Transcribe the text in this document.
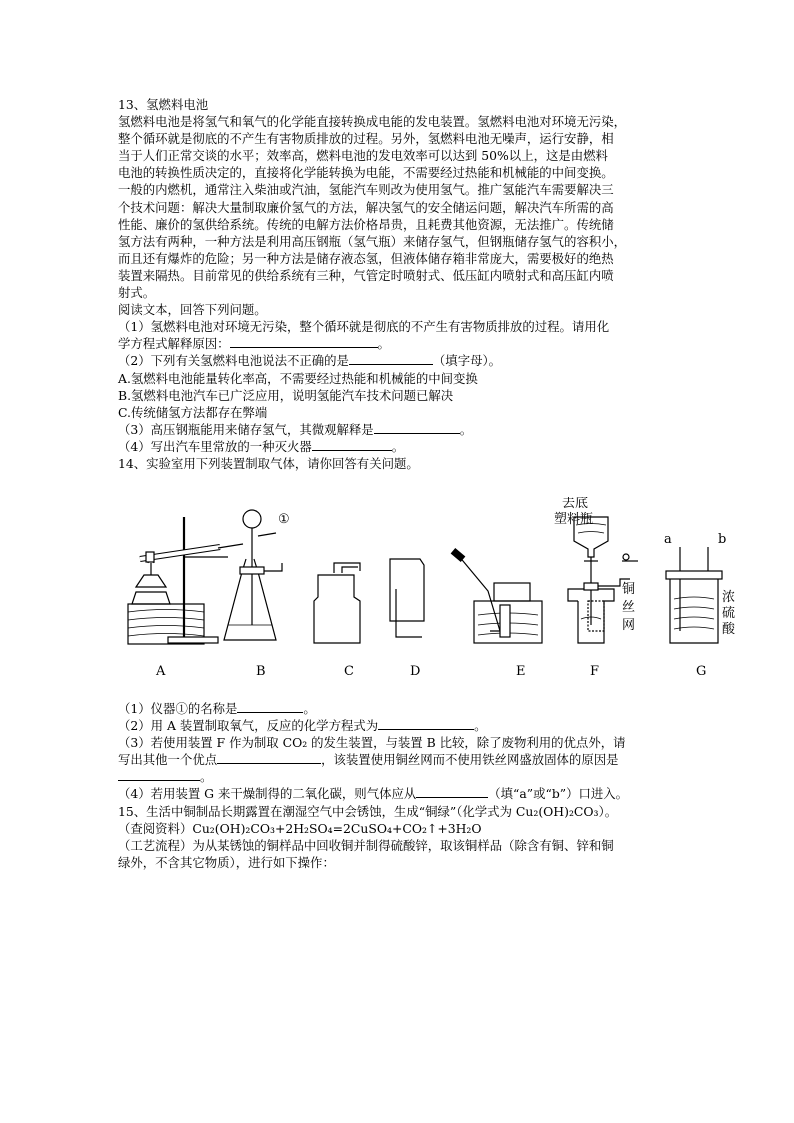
13、氢燃料电池
氢燃料电池是将氢气和氧气的化学能直接转换成电能的发电装置。氢燃料电池对环境无污染，
整个循环就是彻底的不产生有害物质排放的过程。另外，氢燃料电池无噪声，运行安静，相
当于人们正常交谈的水平；效率高，燃料电池的发电效率可以达到 50%以上，这是由燃料
电池的转换性质决定的，直接将化学能转换为电能，不需要经过热能和机械能的中间变换。
一般的内燃机，通常注入柴油或汽油，氢能汽车则改为使用氢气。推广氢能汽车需要解决三
个技术问题：解决大量制取廉价氢气的方法，解决氢气的安全储运问题，解决汽车所需的高
性能、廉价的氢供给系统。传统的电解方法价格昂贵，且耗费其他资源，无法推广。传统储
氢方法有两种，一种方法是利用高压钢瓶（氢气瓶）来储存氢气，但钢瓶储存氢气的容积小，
而且还有爆炸的危险；另一种方法是储存液态氢，但液体储存箱非常庞大，需要极好的绝热
装置来隔热。目前常见的供给系统有三种，气管定时喷射式、低压缸内喷射式和高压缸内喷
射式。
阅读文本，回答下列问题。
（1）氢燃料电池对环境无污染，整个循环就是彻底的不产生有害物质排放的过程。请用化
学方程式解释原因：	。
（2）下列有关氢燃料电池说法不正确的是	（填字母）。
A.氢燃料电池能量转化率高，不需要经过热能和机械能的中间变换
B.氢燃料电池汽车已广泛应用，说明氢能汽车技术问题已解决
C.传统储氢方法都存在弊端
（3）高压钢瓶能用来储存氢气，其微观解释是	。
（4）写出汽车里常放的一种灭火器	。
14、实验室用下列装置制取气体，请你回答有关问题。
①
去底
塑料瓶
铜
丝
网
浓
硫
酸
a	b
A	B	C	D	E	F	G
（1）仪器①的名称是	。
（2）用 A 装置制取氧气，反应的化学方程式为	。
（3）若使用装置 F 作为制取 CO₂ 的发生装置，与装置 B 比较，除了废物利用的优点外，请
写出其他一个优点	，该装置使用铜丝网而不使用铁丝网盛放固体的原因是
。
（4）若用装置 G 来干燥制得的二氧化碳，则气体应从	（填“a”或“b”）口进入。
15、生活中铜制品长期露置在潮湿空气中会锈蚀，生成“铜绿”（化学式为 Cu₂(OH)₂CO₃）。
（查阅资料）Cu₂(OH)₂CO₃+2H₂SO₄=2CuSO₄+CO₂↑+3H₂O
（工艺流程）为从某锈蚀的铜样品中回收铜并制得硫酸锌，取该铜样品（除含有铜、锌和铜
绿外，不含其它物质），进行如下操作：
